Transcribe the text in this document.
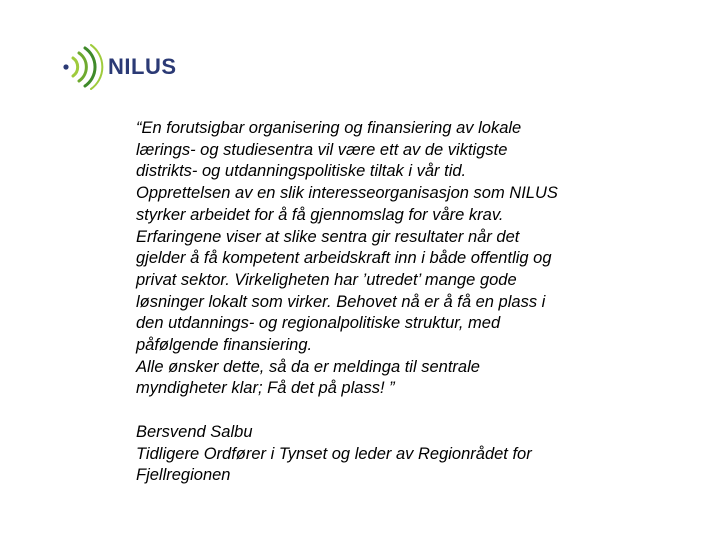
NILUS
“En forutsigbar organisering og finansiering av lokale
lærings- og studiesentra vil være ett av de viktigste
distrikts- og utdanningspolitiske tiltak i vår tid.
Opprettelsen av en slik interesseorganisasjon som NILUS
styrker arbeidet for å få gjennomslag for våre krav.
Erfaringene viser at slike sentra gir resultater når det
gjelder å få kompetent arbeidskraft inn i både offentlig og
privat sektor. Virkeligheten har ’utredet’ mange gode
løsninger lokalt som virker. Behovet nå er å få en plass i
den utdannings- og regionalpolitiske struktur, med
påfølgende finansiering.
Alle ønsker dette, så da er meldinga til sentrale
myndigheter klar; Få det på plass! ”
Bersvend Salbu
Tidligere Ordfører i Tynset og leder av Regionrådet for
Fjellregionen
